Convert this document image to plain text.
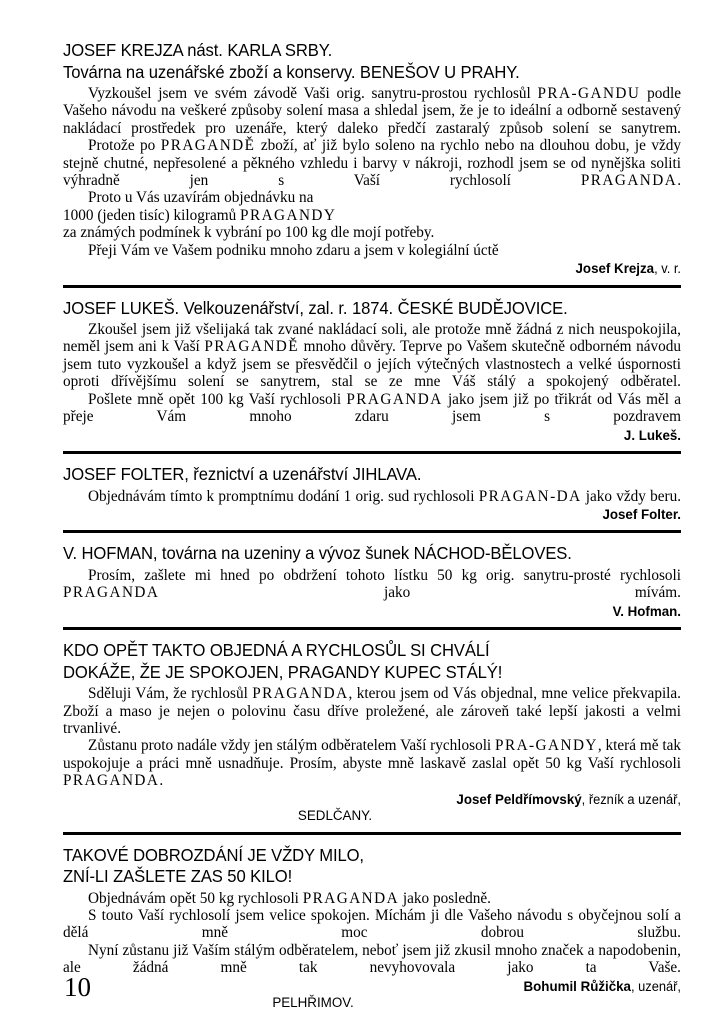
JOSEF KREJZA nást. KARLA SRBY.
Továrna na uzenářské zboží a konservy. BENEŠOV U PRAHY.

Vyzkoušel jsem ve svém závodě Vaši orig. sanytru-prostou rychlosůl PRA-GANDU podle Vašeho návodu na veškeré způsoby solení masa a shledal jsem, že je to ideální a odborně sestavený nakládací prostředek pro uzenáře, který daleko předčí zastaralý způsob solení se sanytrem.

Protože po PRAGANDĚ zboží, ať již bylo soleno na rychlo nebo na dlouhou dobu, je vždy stejně chutné, nepřesolené a pěkného vzhledu i barvy v nákroji, rozhodl jsem se od nynějška soliti výhradně jen s Vaší rychlosolí PRAGANDA.

Proto u Vás uzavírám objednávku na

1000 (jeden tisíc) kilogramů PRAGANDY

za známých podmínek k vybrání po 100 kg dle mojí potřeby.

Přeji Vám ve Vašem podniku mnoho zdaru a jsem v kolegiální úctě

Josef Krejza, v. r.
JOSEF LUKEŠ. Velkouzenářství, zal. r. 1874. ČESKÉ BUDĚJOVICE.

Zkoušel jsem již všelijaká tak zvané nakládací soli, ale protože mně žádná z nich neuspokojila, neměl jsem ani k Vaší PRAGANDĚ mnoho důvěry. Teprve po Vašem skutečně odborném návodu jsem tuto vyzkoušel a když jsem se přesvědčil o jejích výtečných vlastnostech a velké úspornosti oproti dřívějšímu solení se sanytrem, stal se ze mne Váš stálý a spokojený odběratel.

Pošlete mně opět 100 kg Vaší rychlosoli PRAGANDA jako jsem již po třikrát od Vás měl a přeje Vám mnoho zdaru jsem s pozdravem

J. Lukeš.
JOSEF FOLTER, řeznictví a uzenářství JIHLAVA.

Objednávám tímto k promptnímu dodání 1 orig. sud rychlosoli PRAGAN-DA jako vždy beru.

Josef Folter.
V. HOFMAN, továrna na uzeniny a vývoz šunek NÁCHOD-BĚLOVES.

Prosím, zašlete mi hned po obdržení tohoto lístku 50 kg orig. sanytru-prosté rychlosoli PRAGANDA jako mívám.

V. Hofman.
KDO OPĚT TAKTO OBJEDNÁ A RYCHLOSŮL SI CHVÁLÍ
DOKÁŽE, ŽE JE SPOKOJEN, PRAGANDY KUPEC STÁLÝ!

Sděluji Vám, že rychlosůl PRAGANDA, kterou jsem od Vás objednal, mne velice překvapila. Zboží a maso je nejen o polovinu času dříve proležené, ale zároveň také lepší jakosti a velmi trvanlivé.

Zůstanu proto nadále vždy jen stálým odběratelem Vaší rychlosoli PRA-GANDY, která mě tak uspokojuje a práci mně usnadňuje. Prosím, abyste mně laskavě zaslal opět 50 kg Vaší rychlosoli PRAGANDA.

Josef Peldřímovský, řezník a uzenář,
SEDLČANY.
TAKOVÉ DOBROZDÁNÍ JE VŽDY MILO,
ZNÍ-LI ZAŠLETE ZAS 50 KILO!

Objednávám opět 50 kg rychlosoli PRAGANDA jako posledně.

S touto Vaší rychlosolí jsem velice spokojen. Míchám ji dle Vašeho návodu s obyčejnou solí a dělá mně moc dobrou službu.

Nyní zůstanu již Vaším stálým odběratelem, neboť jsem již zkusil mnoho značek a napodobenin, ale žádná mně tak nevyhovovala jako ta Vaše.

Bohumil Růžička, uzenář,
PELHŘIMOV.
10
